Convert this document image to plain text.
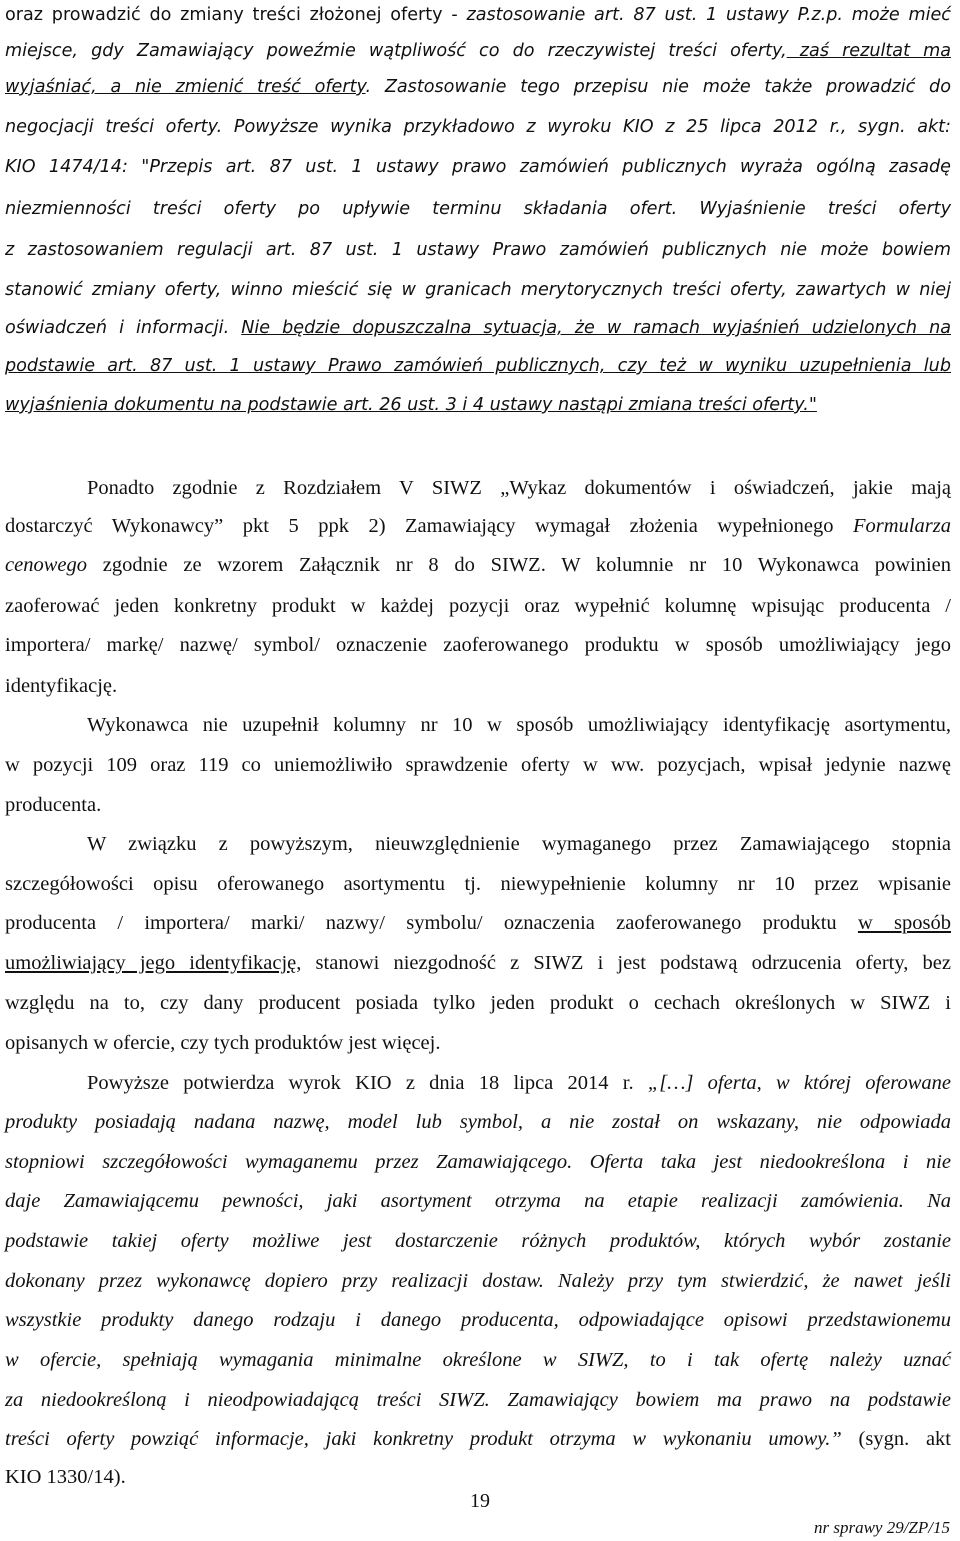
oraz prowadzić do zmiany treści złożonej oferty - zastosowanie art. 87 ust. 1 ustawy P.z.p. może mieć
miejsce, gdy Zamawiający poweźmie wątpliwość co do rzeczywistej treści oferty, zaś rezultat ma
wyjaśniać, a nie zmienić treść oferty. Zastosowanie tego przepisu nie może także prowadzić do
negocjacji treści oferty. Powyższe wynika przykładowo z wyroku KIO z 25 lipca 2012 r., sygn. akt:
KIO 1474/14: "Przepis art. 87 ust. 1 ustawy prawo zamówień publicznych wyraża ogólną zasadę
niezmienności treści oferty po upływie terminu składania ofert. Wyjaśnienie treści oferty
z zastosowaniem regulacji art. 87 ust. 1 ustawy Prawo zamówień publicznych nie może bowiem
stanowić zmiany oferty, winno mieścić się w granicach merytorycznych treści oferty, zawartych w niej
oświadczeń i informacji. Nie będzie dopuszczalna sytuacja, że w ramach wyjaśnień udzielonych na
podstawie art. 87 ust. 1 ustawy Prawo zamówień publicznych, czy też w wyniku uzupełnienia lub
wyjaśnienia dokumentu na podstawie art. 26 ust. 3 i 4 ustawy nastąpi zmiana treści oferty."
Ponadto zgodnie z Rozdziałem V SIWZ „Wykaz dokumentów i oświadczeń, jakie mają
dostarczyć Wykonawcy” pkt 5 ppk 2) Zamawiający wymagał złożenia wypełnionego Formularza
cenowego zgodnie ze wzorem Załącznik nr 8 do SIWZ. W kolumnie nr 10 Wykonawca powinien
zaoferować jeden konkretny produkt w każdej pozycji oraz wypełnić kolumnę wpisując producenta /
importera/ markę/ nazwę/ symbol/ oznaczenie zaoferowanego produktu w sposób umożliwiający jego
identyfikację.
Wykonawca nie uzupełnił kolumny nr 10 w sposób umożliwiający identyfikację asortymentu,
w pozycji 109 oraz 119 co uniemożliwiło sprawdzenie oferty w ww. pozycjach, wpisał jedynie nazwę
producenta.
W związku z powyższym, nieuwzględnienie wymaganego przez Zamawiającego stopnia
szczegółowości opisu oferowanego asortymentu tj. niewypełnienie kolumny nr 10 przez wpisanie
producenta / importera/ marki/ nazwy/ symbolu/ oznaczenia zaoferowanego produktu w sposób
umożliwiający jego identyfikację, stanowi niezgodność z SIWZ i jest podstawą odrzucenia oferty, bez
względu na to, czy dany producent posiada tylko jeden produkt o cechach określonych w SIWZ i
opisanych w ofercie, czy tych produktów jest więcej.
Powyższe potwierdza wyrok KIO z dnia 18 lipca 2014 r. „[…] oferta, w której oferowane
produkty posiadają nadana nazwę, model lub symbol, a nie został on wskazany, nie odpowiada
stopniowi szczegółowości wymaganemu przez Zamawiającego. Oferta taka jest niedookreślona i nie
daje Zamawiającemu pewności, jaki asortyment otrzyma na etapie realizacji zamówienia. Na
podstawie takiej oferty możliwe jest dostarczenie różnych produktów, których wybór zostanie
dokonany przez wykonawcę dopiero przy realizacji dostaw. Należy przy tym stwierdzić, że nawet jeśli
wszystkie produkty danego rodzaju i danego producenta, odpowiadające opisowi przedstawionemu
w ofercie, spełniają wymagania minimalne określone w SIWZ, to i tak ofertę należy uznać
za niedookreśloną i nieodpowiadającą treści SIWZ. Zamawiający bowiem ma prawo na podstawie
treści oferty powziąć informacje, jaki konkretny produkt otrzyma w wykonaniu umowy.” (sygn. akt
KIO 1330/14).
19
nr sprawy 29/ZP/15
